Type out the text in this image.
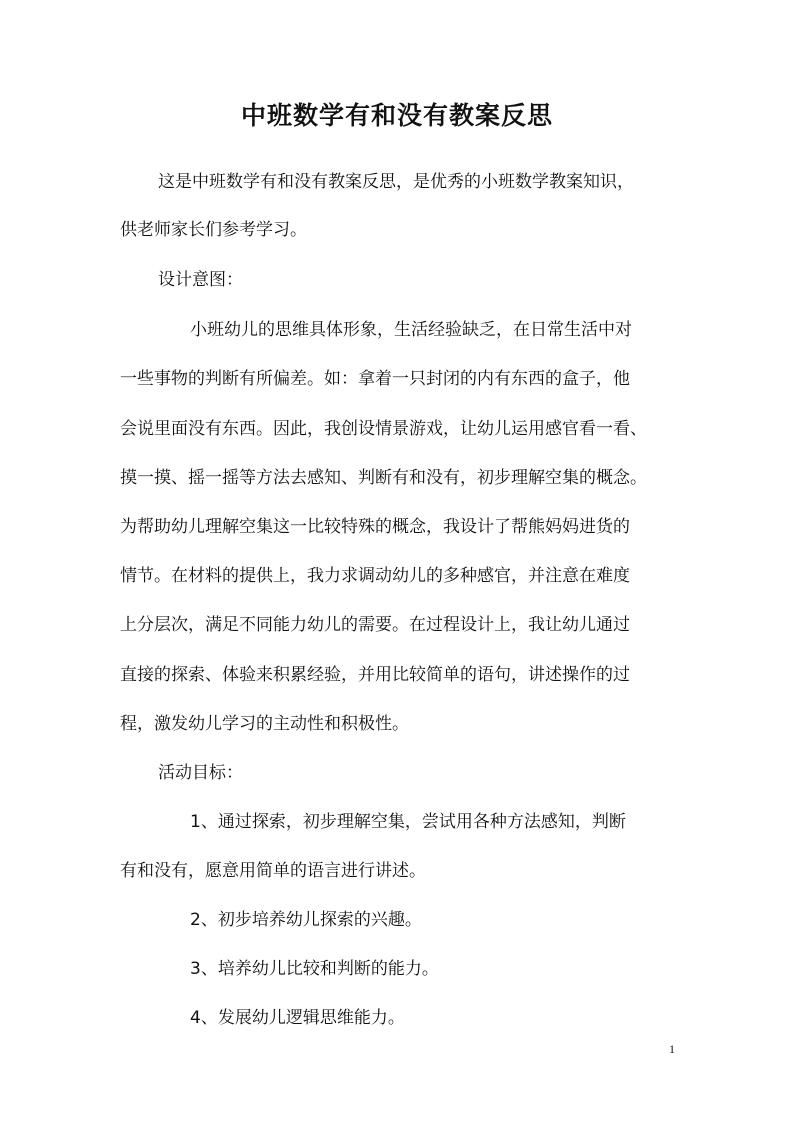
中班数学有和没有教案反思

这是中班数学有和没有教案反思，是优秀的小班数学教案知识，

供老师家长们参考学习。

设计意图：

小班幼儿的思维具体形象，生活经验缺乏，在日常生活中对

一些事物的判断有所偏差。如：拿着一只封闭的内有东西的盒子，他

会说里面没有东西。因此，我创设情景游戏，让幼儿运用感官看一看、

摸一摸、摇一摇等方法去感知、判断有和没有，初步理解空集的概念。

为帮助幼儿理解空集这一比较特殊的概念，我设计了帮熊妈妈进货的

情节。在材料的提供上，我力求调动幼儿的多种感官，并注意在难度

上分层次，满足不同能力幼儿的需要。在过程设计上，我让幼儿通过

直接的探索、体验来积累经验，并用比较简单的语句，讲述操作的过

程，激发幼儿学习的主动性和积极性。

活动目标：

1、通过探索，初步理解空集，尝试用各种方法感知，判断

有和没有，愿意用简单的语言进行讲述。

2、初步培养幼儿探索的兴趣。

3、培养幼儿比较和判断的能力。

4、发展幼儿逻辑思维能力。

1
